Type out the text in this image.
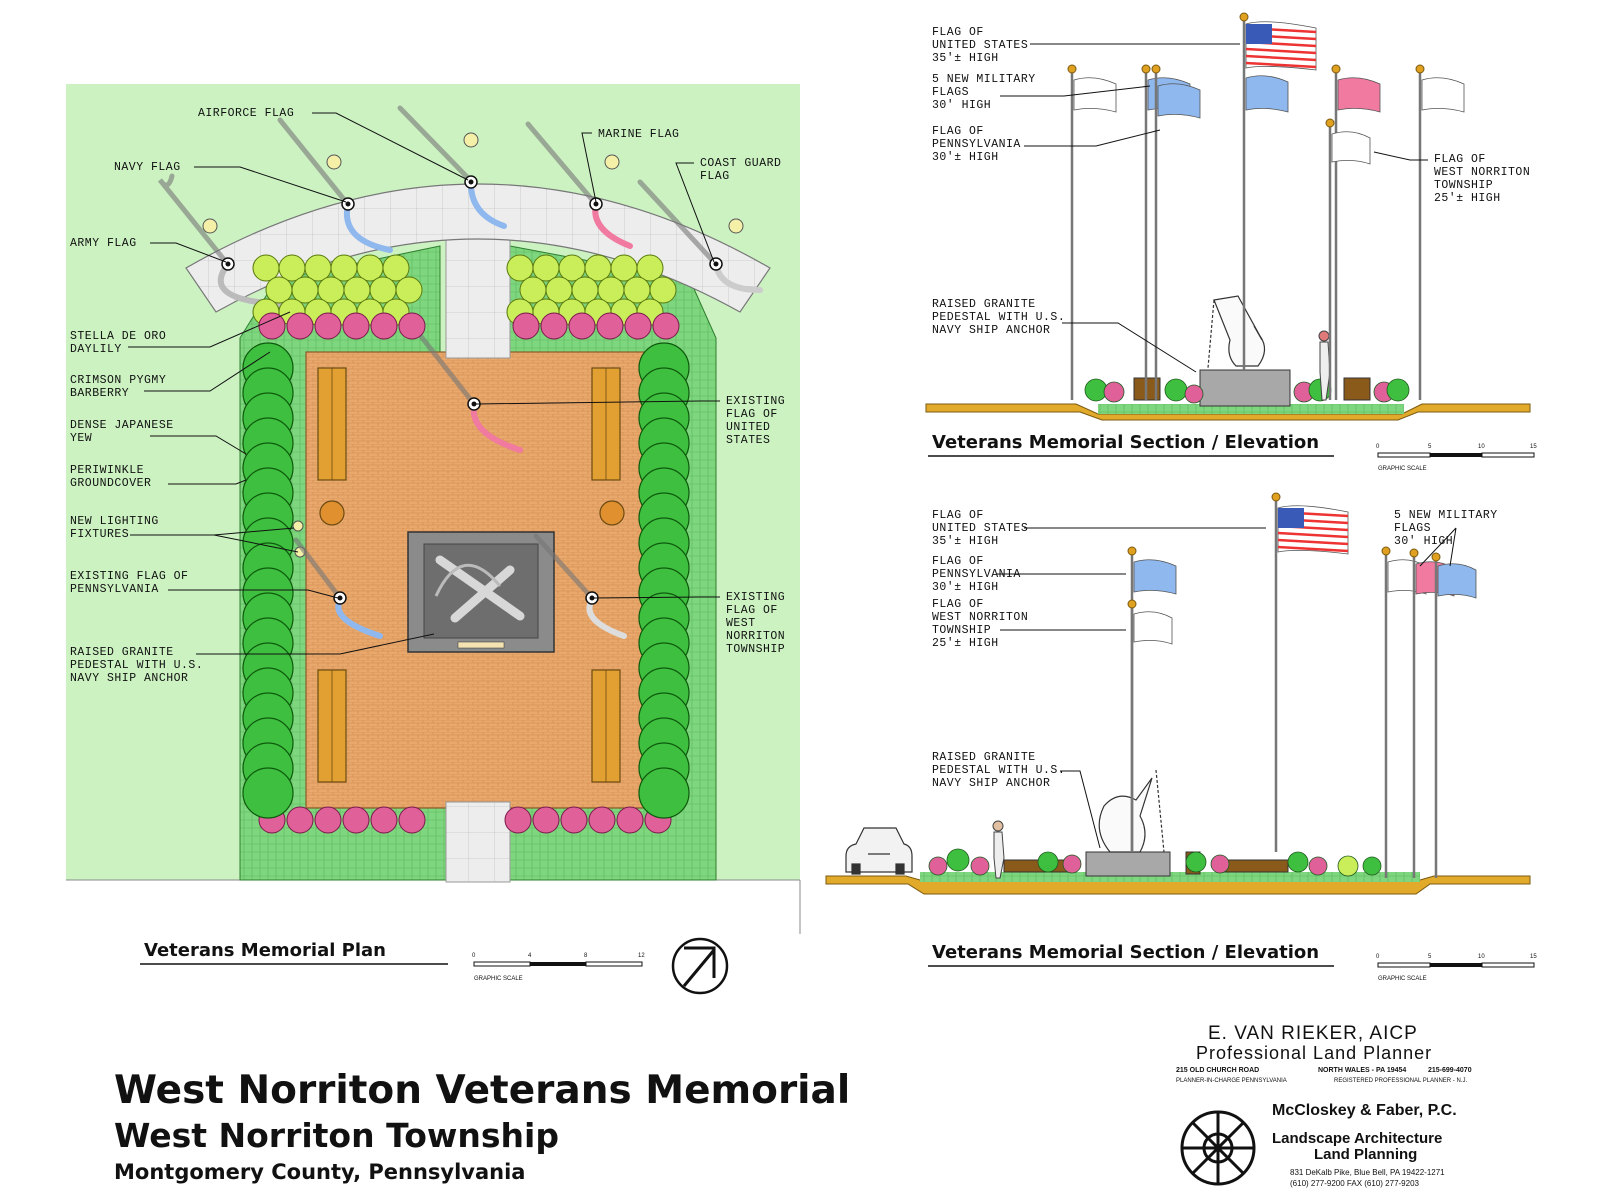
AIRFORCE FLAG
NAVY FLAG
ARMY FLAG
MARINE FLAG
COAST GUARD
FLAG
STELLA DE ORO
DAYLILY
CRIMSON PYGMY
BARBERRY
DENSE JAPANESE
YEW
PERIWINKLE
GROUNDCOVER
NEW LIGHTING
FIXTURES
EXISTING FLAG OF
PENNSYLVANIA
RAISED GRANITE
PEDESTAL WITH U.S.
NAVY SHIP ANCHOR
EXISTING
FLAG OF
UNITED
STATES
EXISTING
FLAG OF
WEST
NORRITON
TOWNSHIP
Veterans Memorial Plan	0	4	8	12
GRAPHIC SCALE
Veterans Memorial Section / Elevation	0	5	10	15
GRAPHIC SCALE
FLAG OF
UNITED STATES
35'± HIGH
5 NEW MILITARY
FLAGS
30' HIGH
FLAG OF
PENNSYLVANIA
30'± HIGH	FLAG OF
WEST NORRITON
TOWNSHIP
25'± HIGH
RAISED GRANITE
PEDESTAL WITH U.S.
NAVY SHIP ANCHOR
Veterans Memorial Section / Elevation	0	5	10	15
GRAPHIC SCALE
FLAG OF
UNITED STATES
35'± HIGH
FLAG OF
PENNSYLVANIA
30'± HIGH
FLAG OF
WEST NORRITON
TOWNSHIP
25'± HIGH
5 NEW MILITARY
FLAGS
30' HIGH
RAISED GRANITE
PEDESTAL WITH U.S.
NAVY SHIP ANCHOR
West Norriton Veterans Memorial
West Norriton Township
Montgomery County, Pennsylvania
E. VAN RIEKER, AICP
Professional Land Planner
215 OLD CHURCH ROAD	NORTH WALES - PA 19454	215-699-4070
PLANNER-IN-CHARGE PENNSYLVANIA	REGISTERED PROFESSIONAL PLANNER - N.J.
McCloskey & Faber, P.C.
Landscape Architecture
Land Planning
831 DeKalb Pike, Blue Bell, PA 19422-1271
(610) 277-9200 FAX (610) 277-9203
